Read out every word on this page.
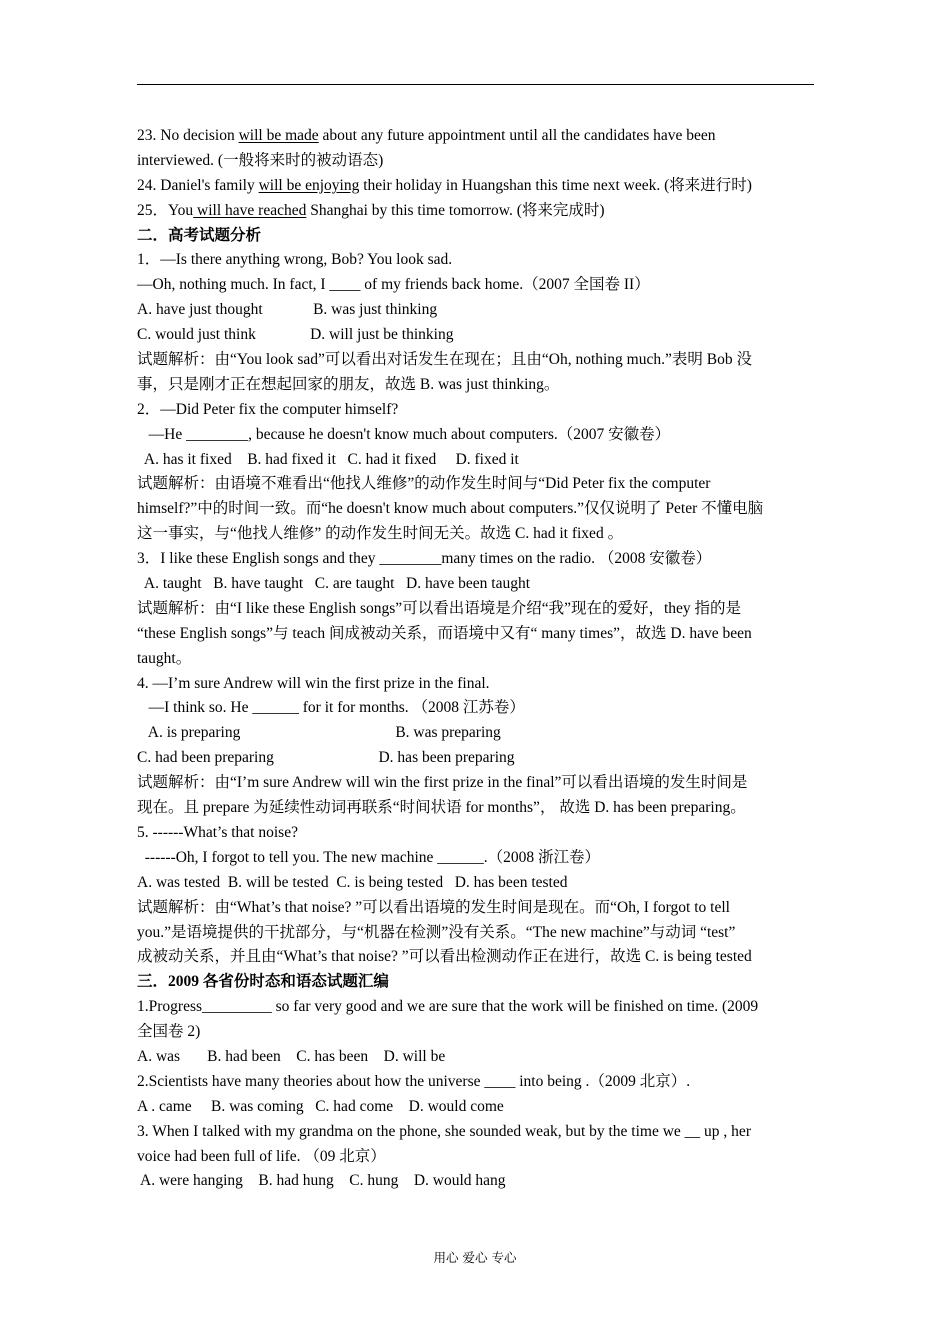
23. No decision will be made about any future appointment until all the candidates have been
interviewed. (一般将来时的被动语态)
24. Daniel's family will be enjoying their holiday in Huangshan this time next week. (将来进行时)
25．You will have reached Shanghai by this time tomorrow. (将来完成时)
二．高考试题分析
1．—Is there anything wrong, Bob? You look sad.
—Oh, nothing much. In fact, I ____ of my friends back home.（2007 全国卷 II）
A. have just thought             B. was just thinking
C. would just think              D. will just be thinking
试题解析：由“You look sad”可以看出对话发生在现在；且由“Oh, nothing much.”表明 Bob 没
事，只是刚才正在想起回家的朋友，故选 B. was just thinking。
2．—Did Peter fix the computer himself?
—He ________, because he doesn't know much about computers.（2007 安徽卷）
A. has it fixed    B. had fixed it   C. had it fixed     D. fixed it
试题解析：由语境不难看出“他找人维修”的动作发生时间与“Did Peter fix the computer
himself?”中的时间一致。而“he doesn't know much about computers.”仅仅说明了 Peter 不懂电脑
这一事实，与“他找人维修” 的动作发生时间无关。故选 C. had it fixed 。
3．I like these English songs and they ________many times on the radio. （2008 安徽卷）
A. taught   B. have taught   C. are taught   D. have been taught
试题解析：由“I like these English songs”可以看出语境是介绍“我”现在的爱好，they 指的是
“these English songs”与 teach 间成被动关系，而语境中又有“ many times”，故选 D. have been
taught。
4. —I’m sure Andrew will win the first prize in the final.
—I think so. He ______ for it for months. （2008 江苏卷）
A. is preparing                                        B. was preparing
C. had been preparing                           D. has been preparing
试题解析：由“I’m sure Andrew will win the first prize in the final”可以看出语境的发生时间是
现在。且 prepare 为延续性动词再联系“时间状语 for months”， 故选 D. has been preparing。
5. ------What’s that noise?
------Oh, I forgot to tell you. The new machine ______.（2008 浙江卷）
A. was tested  B. will be tested  C. is being tested   D. has been tested
试题解析：由“What’s that noise? ”可以看出语境的发生时间是现在。而“Oh, I forgot to tell
you.”是语境提供的干扰部分，与“机器在检测”没有关系。“The new machine”与动词 “test”
成被动关系，并且由“What’s that noise? ”可以看出检测动作正在进行，故选 C. is being tested
三．2009 各省份时态和语态试题汇编
1.Progress_________ so far very good and we are sure that the work will be finished on time. (2009
全国卷 2)
A. was       B. had been    C. has been    D. will be
2.Scientists have many theories about how the universe ____ into being .（2009 北京）.
A . came     B. was coming   C. had come    D. would come
3. When I talked with my grandma on the phone, she sounded weak, but by the time we __ up , her
voice had been full of life. （09 北京）
A. were hanging    B. had hung    C. hung    D. would hang
用心 爱心 专心
